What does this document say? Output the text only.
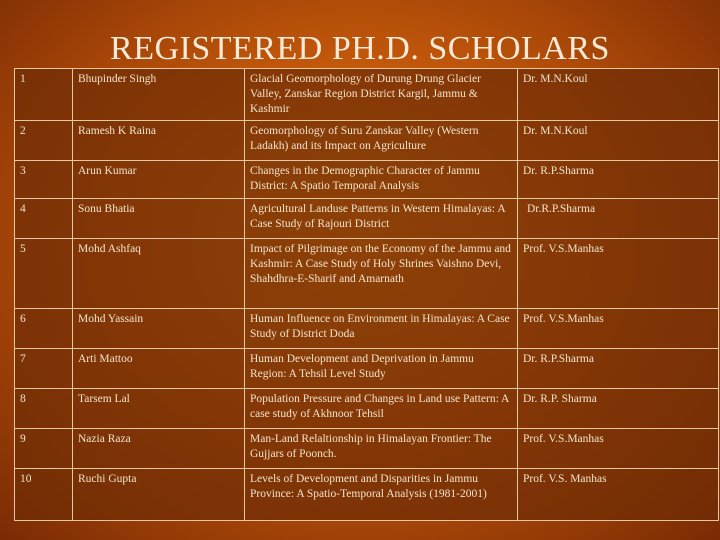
REGISTERED PH.D. SCHOLARS
1	Bhupinder Singh	Glacial Geomorphology of Durung Drung Glacier Valley, Zanskar Region District Kargil, Jammu & Kashmir	Dr. M.N.Koul
2	Ramesh K Raina	Geomorphology of Suru Zanskar Valley (Western Ladakh) and its Impact on Agriculture	Dr. M.N.Koul
3	Arun Kumar	Changes in the Demographic Character of Jammu District: A Spatio Temporal Analysis	Dr. R.P.Sharma
4	Sonu Bhatia	Agricultural Landuse Patterns in Western Himalayas: A Case Study of Rajouri District	Dr.R.P.Sharma
5	Mohd Ashfaq	Impact of Pilgrimage on the Economy of the Jammu and Kashmir: A Case Study of Holy Shrines Vaishno Devi, Shahdhra-E-Sharif and Amarnath	Prof. V.S.Manhas
6	Mohd Yassain	Human Influence on Environment in Himalayas: A Case Study of District Doda	Prof. V.S.Manhas
7	Arti Mattoo	Human Development and Deprivation in Jammu Region: A Tehsil Level Study	Dr. R.P.Sharma
8	Tarsem Lal	Population Pressure and Changes in Land use Pattern: A case study of Akhnoor Tehsil	Dr. R.P. Sharma
9	Nazia Raza	Man-Land Relaltionship in Himalayan Frontier: The Gujjars of Poonch.	Prof. V.S.Manhas
10	Ruchi Gupta	Levels of Development and Disparities in Jammu Province: A Spatio-Temporal Analysis (1981-2001)	Prof. V.S. Manhas
